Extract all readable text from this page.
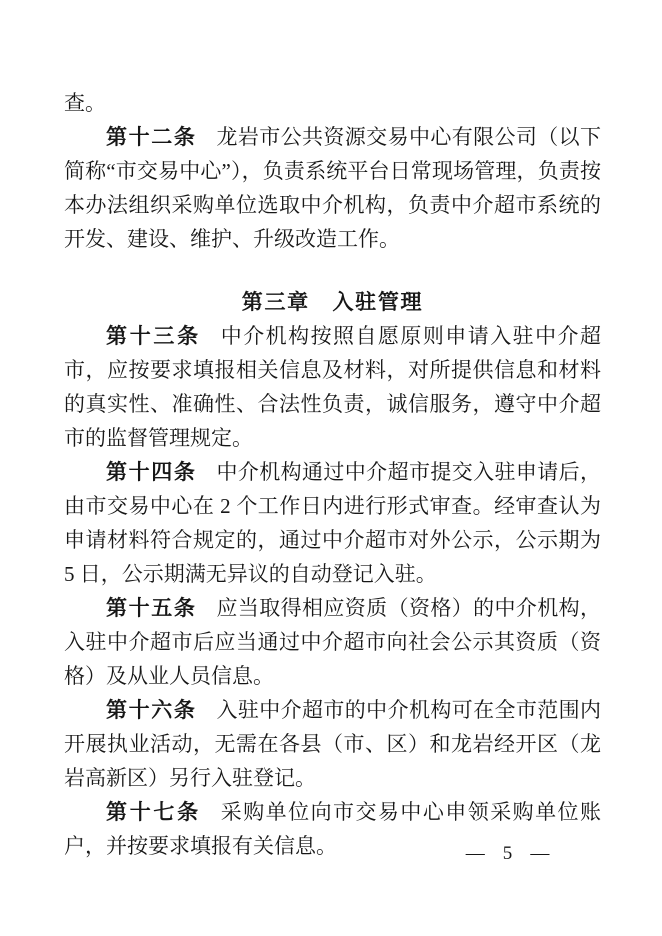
查。

第十二条 龙岩市公共资源交易中心有限公司（以下简称“市交易中心”），负责系统平台日常现场管理，负责按本办法组织采购单位选取中介机构，负责中介超市系统的开发、建设、维护、升级改造工作。

第三章　入驻管理

第十三条 中介机构按照自愿原则申请入驻中介超市，应按要求填报相关信息及材料，对所提供信息和材料的真实性、准确性、合法性负责，诚信服务，遵守中介超市的监督管理规定。

第十四条 中介机构通过中介超市提交入驻申请后，由市交易中心在 2 个工作日内进行形式审查。经审查认为申请材料符合规定的，通过中介超市对外公示，公示期为 5 日，公示期满无异议的自动登记入驻。

第十五条 应当取得相应资质（资格）的中介机构，入驻中介超市后应当通过中介超市向社会公示其资质（资格）及从业人员信息。

第十六条 入驻中介超市的中介机构可在全市范围内开展执业活动，无需在各县（市、区）和龙岩经开区（龙岩高新区）另行入驻登记。

第十七条 采购单位向市交易中心申领采购单位账户，并按要求填报有关信息。	— 5 —
